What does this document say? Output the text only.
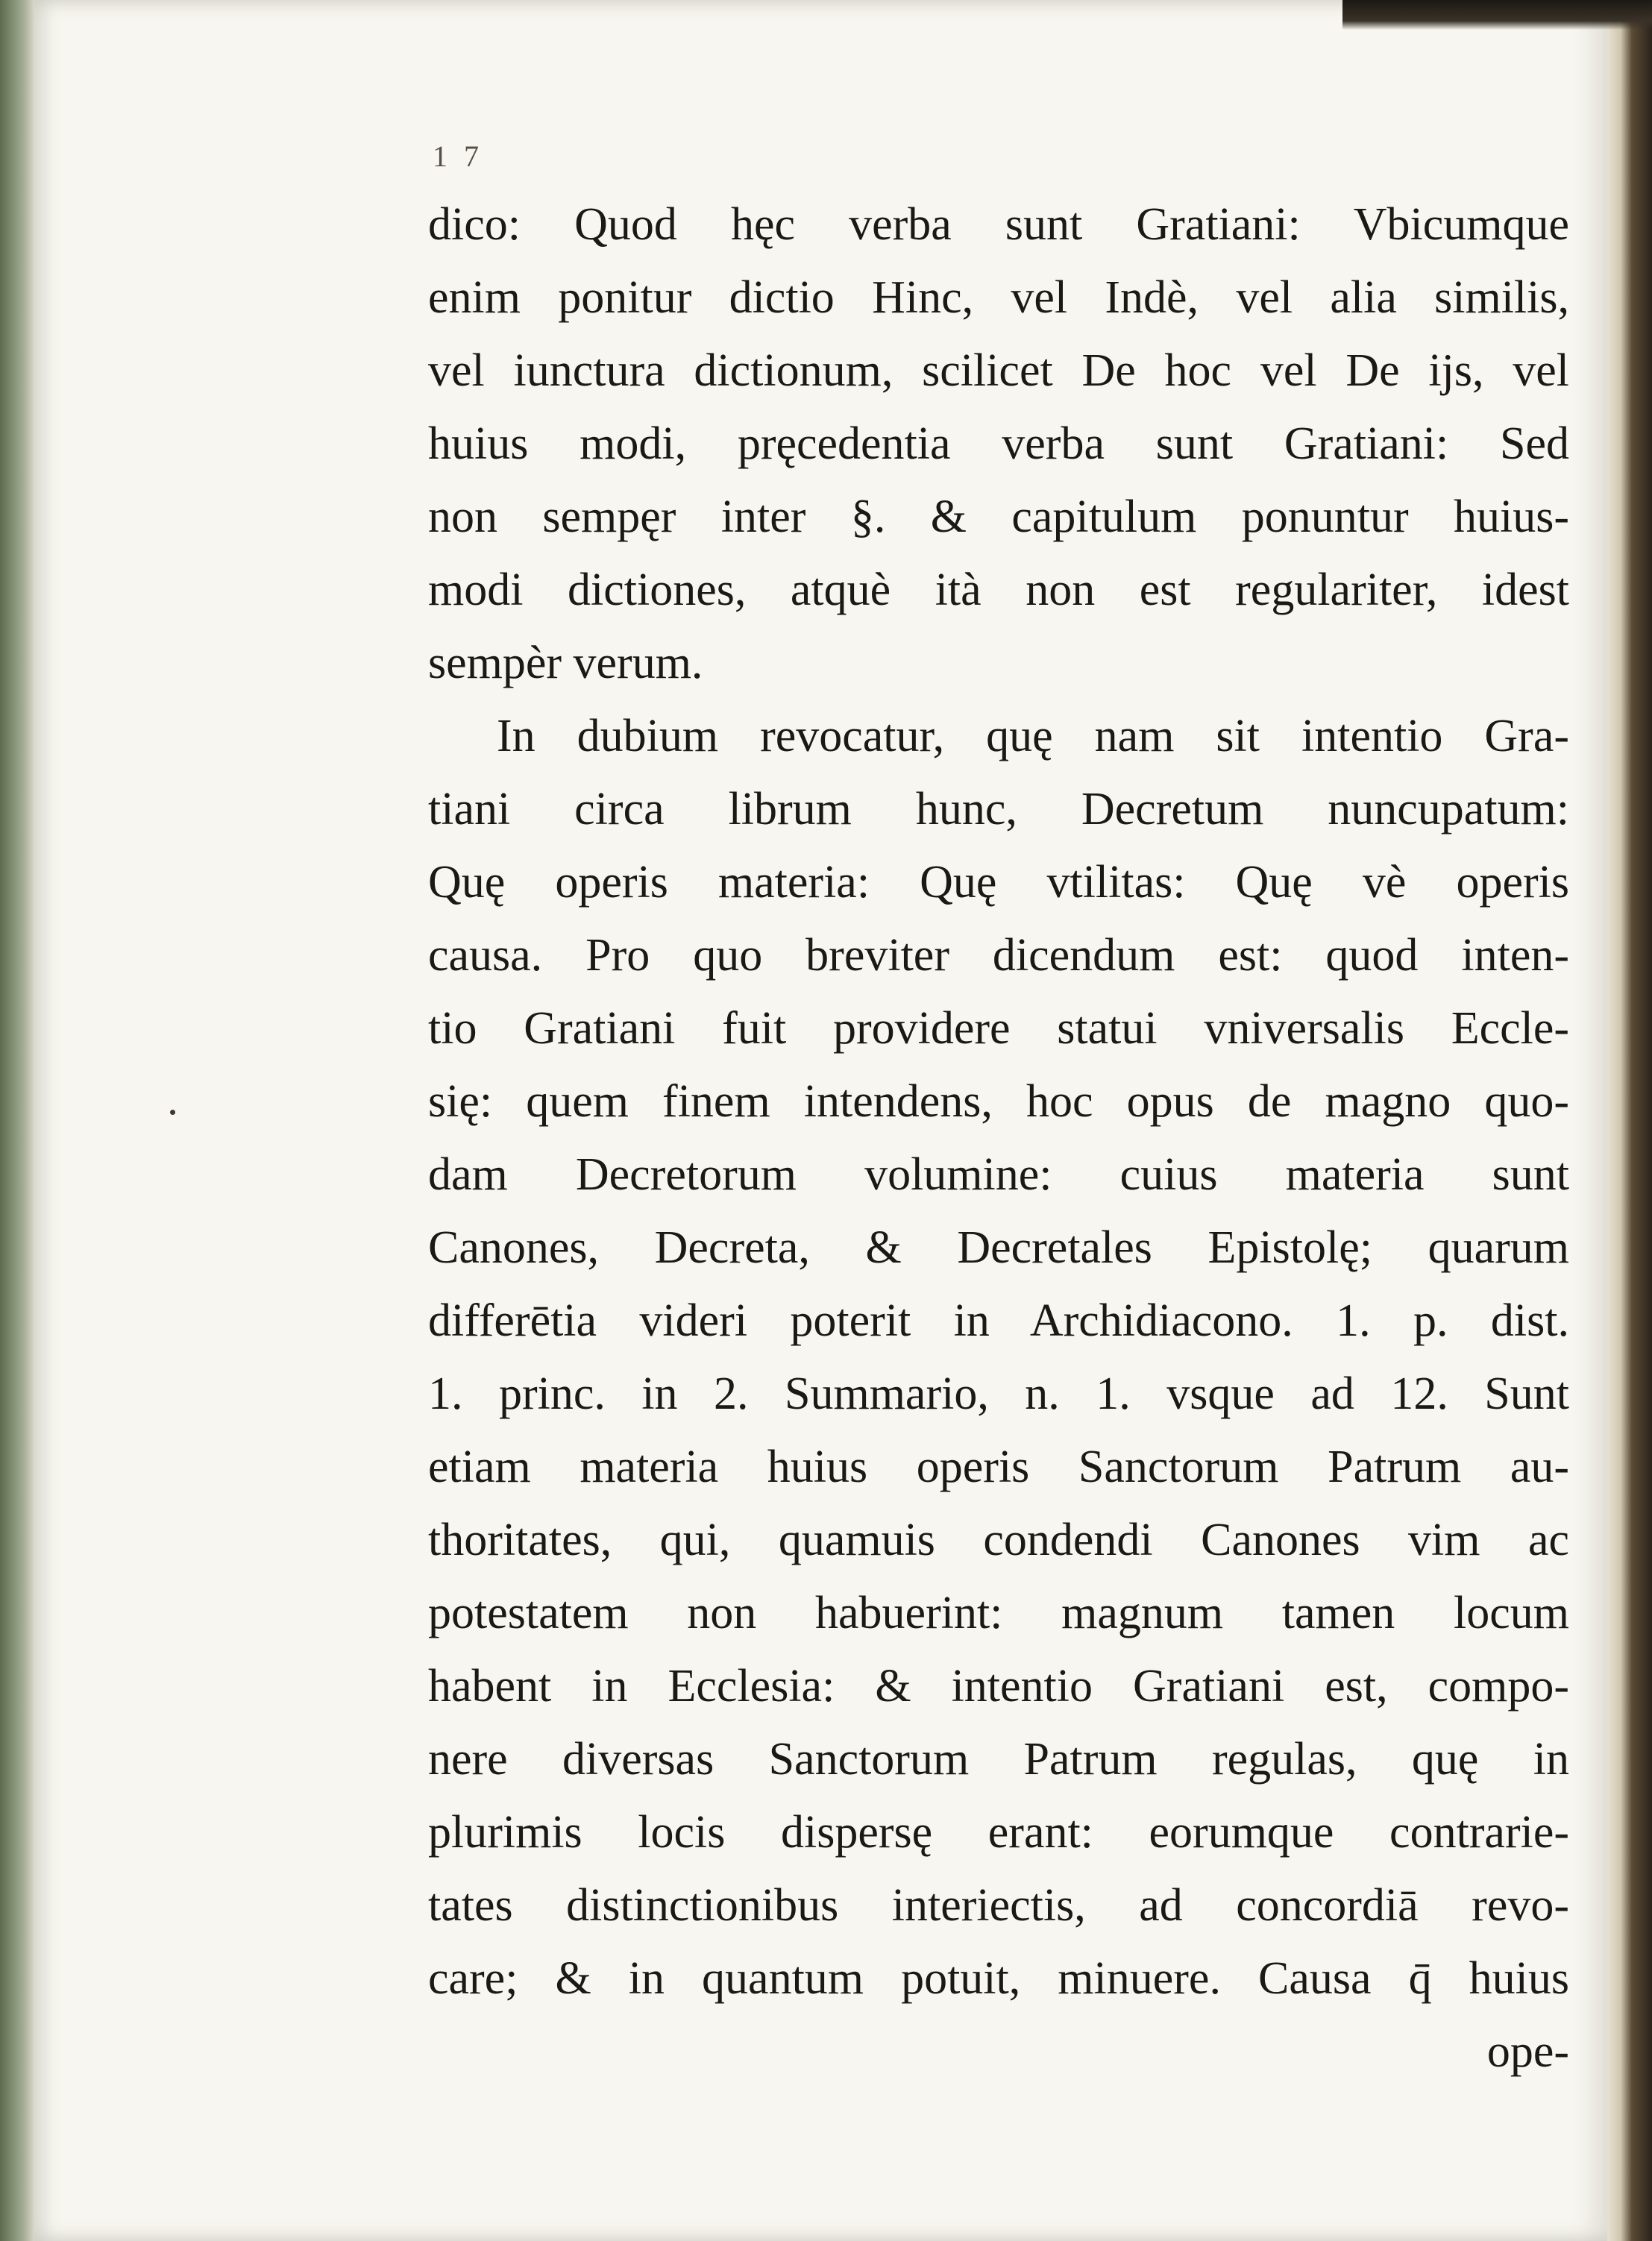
1 7
dico: Quod hęc verba sunt Gratiani: Vbicumque
enim ponitur dictio Hinc, vel Indè, vel alia similis,
vel iunctura dictionum, scilicet De hoc vel De ijs, vel
huius modi, pręcedentia verba sunt Gratiani: Sed
non sempęr inter §. & capitulum ponuntur huius-
modi dictiones, atquè ità non est regulariter, idest
sempèr verum.
In dubium revocatur, quę nam sit intentio Gra-
tiani circa librum hunc, Decretum nuncupatum:
Quę operis materia: Quę vtilitas: Quę vè operis
causa. Pro quo breviter dicendum est: quod inten-
tio Gratiani fuit providere statui vniversalis Eccle-
się: quem finem intendens, hoc opus de magno quo-
dam Decretorum volumine: cuius materia sunt
Canones, Decreta, & Decretales Epistolę; quarum
differētia videri poterit in Archidiacono. 1. p. dist.
1. princ. in 2. Summario, n. 1. vsque ad 12. Sunt
etiam materia huius operis Sanctorum Patrum au-
thoritates, qui, quamuis condendi Canones vim ac
potestatem non habuerint: magnum tamen locum
habent in Ecclesia: & intentio Gratiani est, compo-
nere diversas Sanctorum Patrum regulas, quę in
plurimis locis dispersę erant: eorumque contrarie-
tates distinctionibus interiectis, ad concordiā revo-
care; & in quantum potuit, minuere. Causa q̄ huius
ope-
